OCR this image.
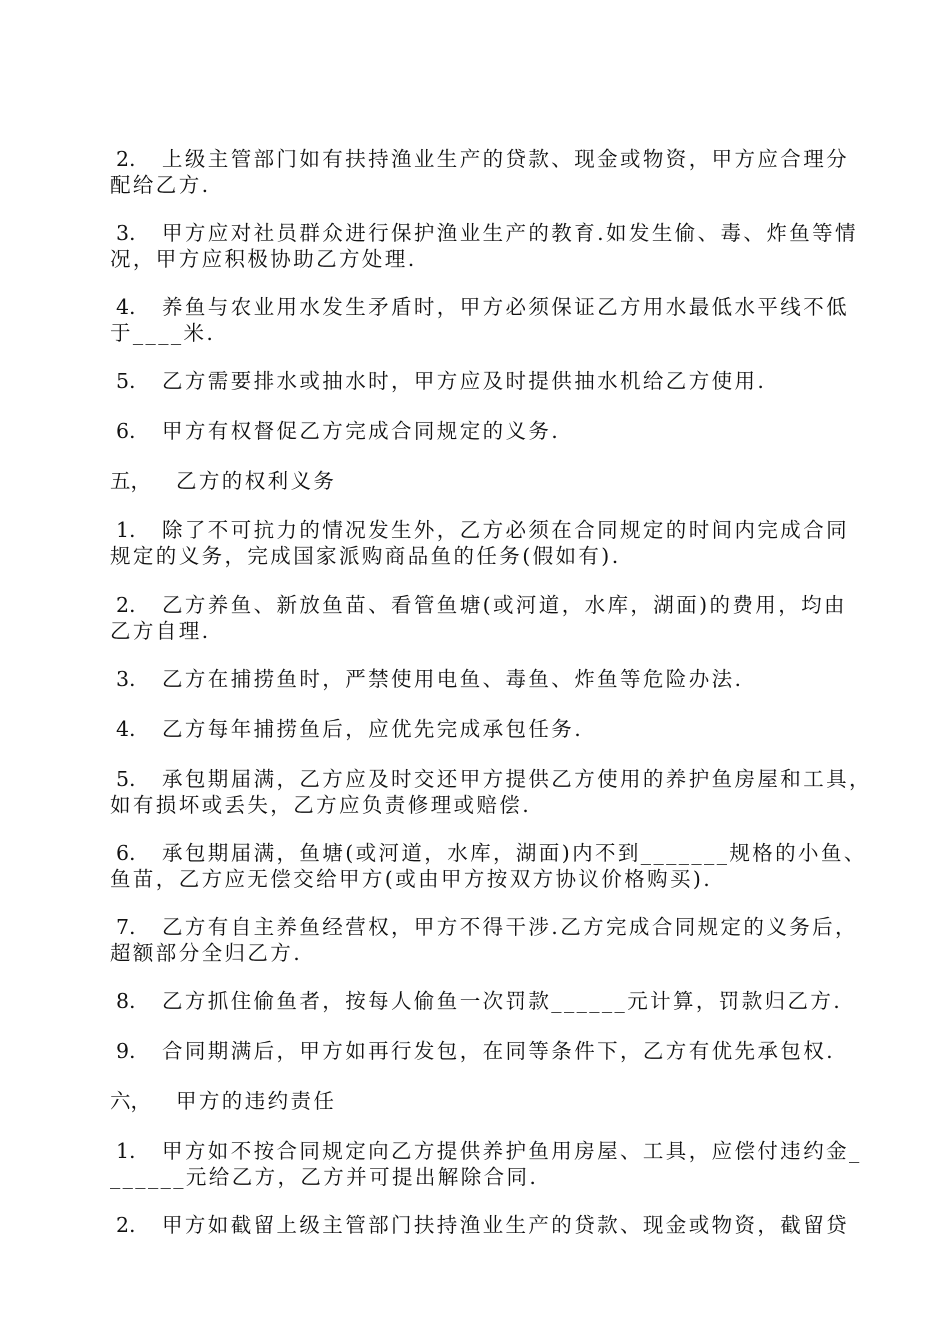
2. 上级主管部门如有扶持渔业生产的贷款、现金或物资，甲方应合理分
配给乙方.
3. 甲方应对社员群众进行保护渔业生产的教育.如发生偷、毒、炸鱼等情
况，甲方应积极协助乙方处理.
4. 养鱼与农业用水发生矛盾时，甲方必须保证乙方用水最低水平线不低
于____米.
5. 乙方需要排水或抽水时，甲方应及时提供抽水机给乙方使用.
6. 甲方有权督促乙方完成合同规定的义务.
五， 乙方的权利义务
1. 除了不可抗力的情况发生外，乙方必须在合同规定的时间内完成合同
规定的义务，完成国家派购商品鱼的任务(假如有).
2. 乙方养鱼、新放鱼苗、看管鱼塘(或河道，水库，湖面)的费用，均由
乙方自理.
3. 乙方在捕捞鱼时，严禁使用电鱼、毒鱼、炸鱼等危险办法.
4. 乙方每年捕捞鱼后，应优先完成承包任务.
5. 承包期届满，乙方应及时交还甲方提供乙方使用的养护鱼房屋和工具，
如有损坏或丢失，乙方应负责修理或赔偿.
6. 承包期届满，鱼塘(或河道，水库，湖面)内不到_______规格的小鱼、
鱼苗，乙方应无偿交给甲方(或由甲方按双方协议价格购买).
7. 乙方有自主养鱼经营权，甲方不得干涉.乙方完成合同规定的义务后，
超额部分全归乙方.
8. 乙方抓住偷鱼者，按每人偷鱼一次罚款______元计算，罚款归乙方.
9. 合同期满后，甲方如再行发包，在同等条件下，乙方有优先承包权.
六， 甲方的违约责任
1. 甲方如不按合同规定向乙方提供养护鱼用房屋、工具，应偿付违约金_
______元给乙方，乙方并可提出解除合同.
2. 甲方如截留上级主管部门扶持渔业生产的贷款、现金或物资，截留贷
